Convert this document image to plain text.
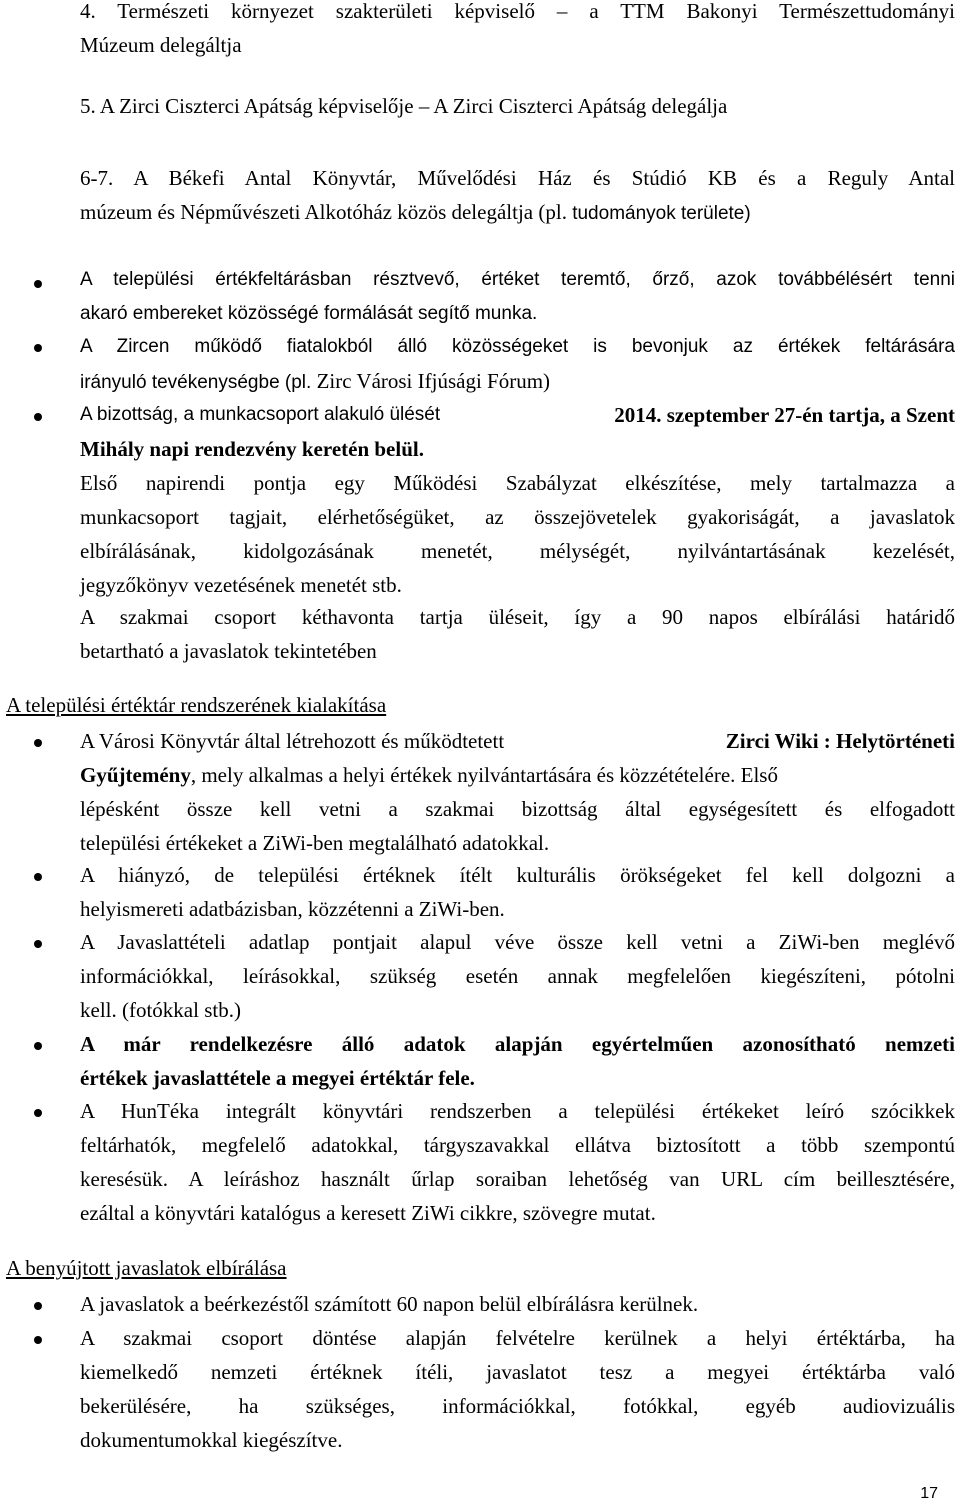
4. Természeti környezet szakterületi képviselő – a TTM Bakonyi Természettudományi
Múzeum delegáltja
5. A Zirci Ciszterci Apátság képviselője – A Zirci Ciszterci Apátság delegálja
6-7. A Békefi Antal Könyvtár, Művelődési Ház és Stúdió KB és a Reguly Antal
múzeum és Népművészeti Alkotóház közös delegáltja (pl. tudományok területe)
A települési értékfeltárásban résztvevő, értéket teremtő, őrző, azok továbbélésért tenni
akaró embereket közösségé formálását segítő munka.
A Zircen működő fiatalokból álló közösségeket is bevonjuk az értékek feltárására
irányuló tevékenységbe (pl. Zirc Városi Ifjúsági Fórum)
A bizottság, a munkacsoport alakuló ülését	2014. szeptember 27-én tartja, a Szent
Mihály napi rendezvény keretén belül.
Első napirendi pontja egy Működési Szabályzat elkészítése, mely tartalmazza a
munkacsoport tagjait, elérhetőségüket, az összejövetelek gyakoriságát, a javaslatok
elbírálásának, kidolgozásának menetét, mélységét, nyilvántartásának kezelését,
jegyzőkönyv vezetésének menetét stb.
A szakmai csoport kéthavonta tartja üléseit, így a 90 napos elbírálási határidő
betartható a javaslatok tekintetében
A települési értéktár rendszerének kialakítása
A Városi Könyvtár által létrehozott és működtetett	Zirci Wiki : Helytörténeti
Gyűjtemény, mely alkalmas a helyi értékek nyilvántartására és közzétételére. Első
lépésként össze kell vetni a szakmai bizottság által egységesített és elfogadott
települési értékeket a ZiWi-ben megtalálható adatokkal.
A hiányzó, de települési értéknek ítélt kulturális örökségeket fel kell dolgozni a
helyismereti adatbázisban, közzétenni a ZiWi-ben.
A Javaslattételi adatlap pontjait alapul véve össze kell vetni a ZiWi-ben meglévő
információkkal, leírásokkal, szükség esetén annak megfelelően kiegészíteni, pótolni
kell. (fotókkal stb.)
A már rendelkezésre álló adatok alapján egyértelműen azonosítható nemzeti
értékek javaslattétele a megyei értéktár fele.
A HunTéka integrált könyvtári rendszerben a települési értékeket leíró szócikkek
feltárhatók, megfelelő adatokkal, tárgyszavakkal ellátva biztosított a több szempontú
keresésük. A leíráshoz használt űrlap soraiban lehetőség van URL cím beillesztésére,
ezáltal a könyvtári katalógus a keresett ZiWi cikkre, szövegre mutat.
A benyújtott javaslatok elbírálása
A javaslatok a beérkezéstől számított 60 napon belül elbírálásra kerülnek.
A szakmai csoport döntése alapján felvételre kerülnek a helyi értéktárba, ha
kiemelkedő nemzeti értéknek ítéli, javaslatot tesz a megyei értéktárba való
bekerülésére, ha szükséges, információkkal, fotókkal, egyéb audiovizuális
dokumentumokkal kiegészítve.
17
